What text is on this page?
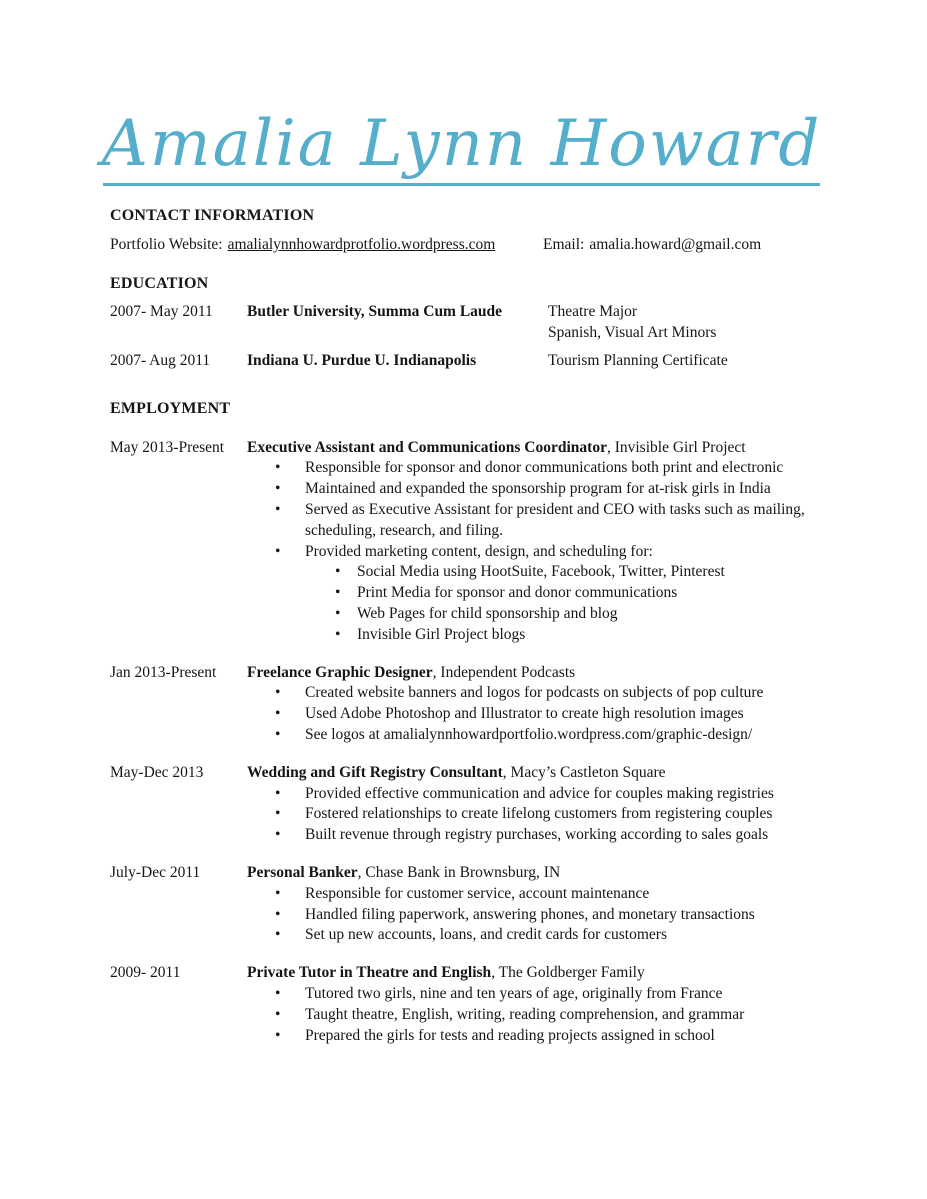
Amalia Lynn Howard
CONTACT INFORMATION
Portfolio Website: amalialynnhowardprotfolio.wordpress.com	Email: amalia.howard@gmail.com
EDUCATION
2007- May 2011	Butler University, Summa Cum Laude	Theatre Major
Spanish, Visual Art Minors
2007- Aug 2011	Indiana U. Purdue U. Indianapolis	Tourism Planning Certificate
EMPLOYMENT
May 2013-Present	Executive Assistant and Communications Coordinator, Invisible Girl Project
• Responsible for sponsor and donor communications both print and electronic
• Maintained and expanded the sponsorship program for at-risk girls in India
• Served as Executive Assistant for president and CEO with tasks such as mailing, scheduling, research, and filing.
• Provided marketing content, design, and scheduling for:
• Social Media using HootSuite, Facebook, Twitter, Pinterest
• Print Media for sponsor and donor communications
• Web Pages for child sponsorship and blog
• Invisible Girl Project blogs
Jan 2013-Present	Freelance Graphic Designer, Independent Podcasts
• Created website banners and logos for podcasts on subjects of pop culture
• Used Adobe Photoshop and Illustrator to create high resolution images
• See logos at amalialynnhowardportfolio.wordpress.com/graphic-design/
May-Dec 2013	Wedding and Gift Registry Consultant, Macy’s Castleton Square
• Provided effective communication and advice for couples making registries
• Fostered relationships to create lifelong customers from registering couples
• Built revenue through registry purchases, working according to sales goals
July-Dec 2011	Personal Banker, Chase Bank in Brownsburg, IN
• Responsible for customer service, account maintenance
• Handled filing paperwork, answering phones, and monetary transactions
• Set up new accounts, loans, and credit cards for customers
2009- 2011	Private Tutor in Theatre and English, The Goldberger Family
• Tutored two girls, nine and ten years of age, originally from France
• Taught theatre, English, writing, reading comprehension, and grammar
• Prepared the girls for tests and reading projects assigned in school
